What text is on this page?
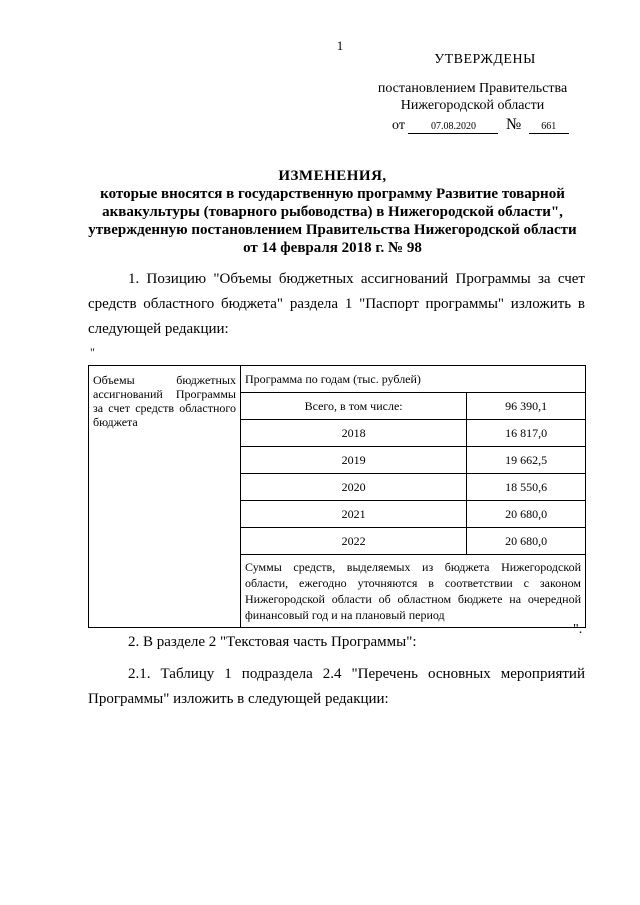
1
УТВЕРЖДЕНЫ
постановлением Правительства
Нижегородской области
от	07.08.2020 № 661
ИЗМЕНЕНИЯ,
которые вносятся в государственную программу Развитие товарной аквакультуры (товарного рыбоводства) в Нижегородской области", утвержденную постановлением Правительства Нижегородской области от 14 февраля 2018 г. № 98
1. Позицию "Объемы бюджетных ассигнований Программы за счет средств областного бюджета" раздела 1 "Паспорт программы" изложить в следующей редакции:
"
Объемы бюджетных ассигнований Программы за счет средств областного бюджета	Программа по годам (тыс. рублей)	
	Всего, в том числе:	96 390,1
	2018	16 817,0
	2019	19 662,5
	2020	18 550,6
	2021	20 680,0
	2022	20 680,0
	Суммы средств, выделяемых из бюджета Нижегородской области, ежегодно уточняются в соответствии с законом Нижегородской области об областном бюджете на очередной финансовый год и на плановый период	
".
2. В разделе 2 "Текстовая часть Программы":
2.1. Таблицу 1 подраздела 2.4 "Перечень основных мероприятий Программы" изложить в следующей редакции:
